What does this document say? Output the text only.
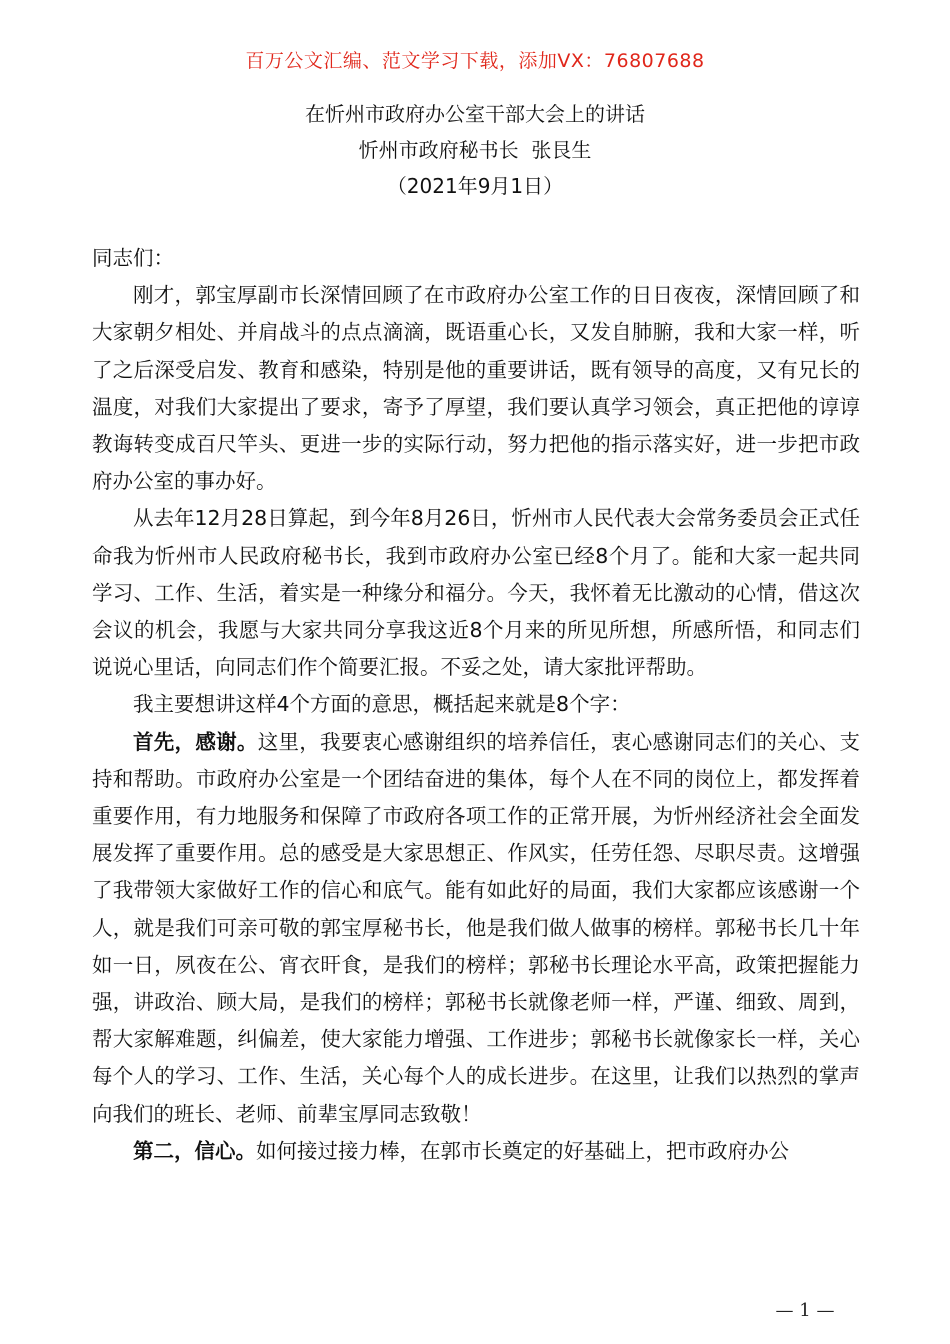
百万公文汇编、范文学习下载，添加VX：76807688
在忻州市政府办公室干部大会上的讲话
忻州市政府秘书长  张艮生
（2021年9月1日）

同志们：

刚才，郭宝厚副市长深情回顾了在市政府办公室工作的日日夜夜，深情回顾了和大家朝夕相处、并肩战斗的点点滴滴，既语重心长，又发自肺腑，我和大家一样，听了之后深受启发、教育和感染，特别是他的重要讲话，既有领导的高度，又有兄长的温度，对我们大家提出了要求，寄予了厚望，我们要认真学习领会，真正把他的谆谆教诲转变成百尺竿头、更进一步的实际行动，努力把他的指示落实好，进一步把市政府办公室的事办好。

从去年12月28日算起，到今年8月26日，忻州市人民代表大会常务委员会正式任命我为忻州市人民政府秘书长，我到市政府办公室已经8个月了。能和大家一起共同学习、工作、生活，着实是一种缘分和福分。今天，我怀着无比激动的心情，借这次会议的机会，我愿与大家共同分享我这近8个月来的所见所想，所感所悟，和同志们说说心里话，向同志们作个简要汇报。不妥之处，请大家批评帮助。

我主要想讲这样4个方面的意思，概括起来就是8个字：

首先，感谢。这里，我要衷心感谢组织的培养信任，衷心感谢同志们的关心、支持和帮助。市政府办公室是一个团结奋进的集体，每个人在不同的岗位上，都发挥着重要作用，有力地服务和保障了市政府各项工作的正常开展，为忻州经济社会全面发展发挥了重要作用。总的感受是大家思想正、作风实，任劳任怨、尽职尽责。这增强了我带领大家做好工作的信心和底气。能有如此好的局面，我们大家都应该感谢一个人，就是我们可亲可敬的郭宝厚秘书长，他是我们做人做事的榜样。郭秘书长几十年如一日，夙夜在公、宵衣旰食，是我们的榜样；郭秘书长理论水平高，政策把握能力强，讲政治、顾大局，是我们的榜样；郭秘书长就像老师一样，严谨、细致、周到，帮大家解难题，纠偏差，使大家能力增强、工作进步；郭秘书长就像家长一样，关心每个人的学习、工作、生活，关心每个人的成长进步。在这里，让我们以热烈的掌声向我们的班长、老师、前辈宝厚同志致敬！

第二，信心。如何接过接力棒，在郭市长奠定的好基础上，把市政府办公

— 1 —
